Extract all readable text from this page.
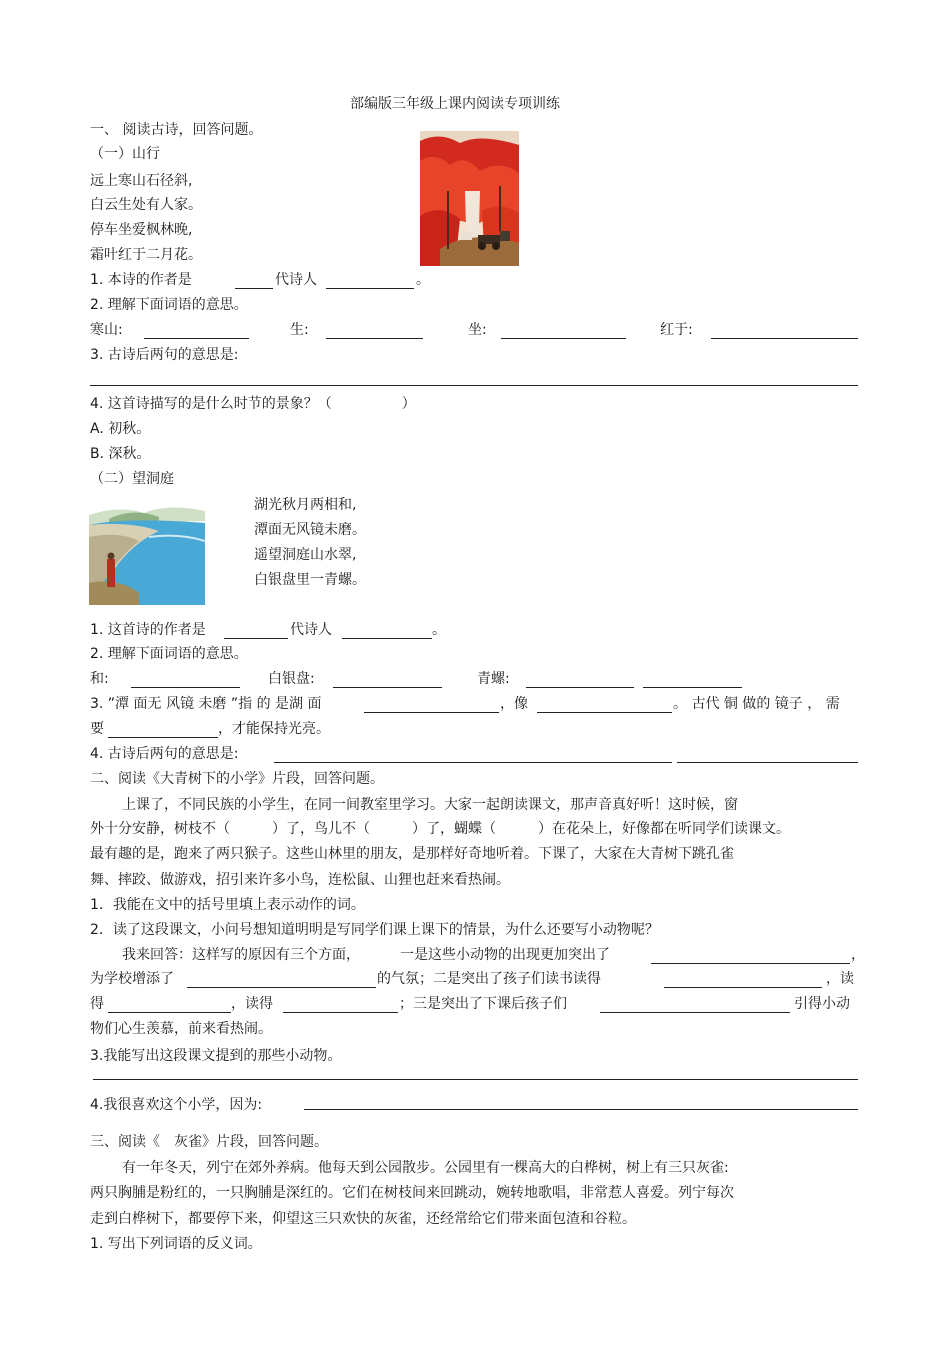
部编版三年级上课内阅读专项训练
一、 阅读古诗，回答问题。
（一）山行
远上寒山石径斜,
白云生处有人家。
停车坐爱枫林晚,
霜叶红于二月花。
1. 本诗的作者是	代诗人	。
2. 理解下面词语的意思。
寒山:	生:	坐:	红于:
3. 古诗后两句的意思是:
4. 这首诗描写的是什么时节的景象？（　　　　　）
A. 初秋。
B. 深秋。
（二）望洞庭
湖光秋月两相和,
潭面无风镜未磨。
遥望洞庭山水翠,
白银盘里一青螺。
1. 这首诗的作者是	代诗人	。
2. 理解下面词语的意思。
和:	白银盘:	青螺:
3. ”潭 面无 风镜 未磨 ”指 的 是湖 面	，像	。 古代 铜 做的 镜子 ， 需
要	，才能保持光亮。
4. 古诗后两句的意思是:
二、阅读《大青树下的小学》片段，回答问题。
上课了，不同民族的小学生，在同一间教室里学习。大家一起朗读课文，那声音真好听！这时候，窗
外十分安静，树枝不（　　　）了，鸟儿不（　　　）了，蝴蝶（　　　）在花朵上，好像都在听同学们读课文。
最有趣的是，跑来了两只猴子。这些山林里的朋友，是那样好奇地听着。下课了，大家在大青树下跳孔雀
舞、摔跤、做游戏，招引来许多小鸟，连松鼠、山狸也赶来看热闹。
1．我能在文中的括号里填上表示动作的词。
2．读了这段课文，小问号想知道明明是写同学们课上课下的情景，为什么还要写小动物呢？
我来回答：这样写的原因有三个方面，	一是这些小动物的出现更加突出了	，
为学校增添了	的气氛；二是突出了孩子们读书读得	，读
得	，读得	；三是突出了下课后孩子们	引得小动
物们心生羡慕，前来看热闹。
3.我能写出这段课文提到的那些小动物。
4.我很喜欢这个小学，因为:
三、阅读《　灰雀》片段，回答问题。
有一年冬天，列宁在郊外养病。他每天到公园散步。公园里有一棵高大的白桦树，树上有三只灰雀:
两只胸脯是粉红的，一只胸脯是深红的。它们在树枝间来回跳动，婉转地歌唱，非常惹人喜爱。列宁每次
走到白桦树下，都要停下来，仰望这三只欢快的灰雀，还经常给它们带来面包渣和谷粒。
1. 写出下列词语的反义词。
